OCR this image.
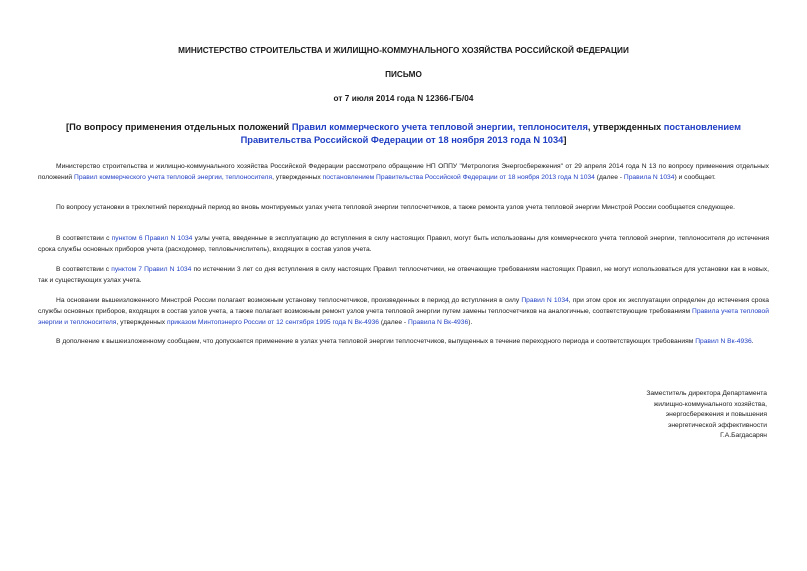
МИНИСТЕРСТВО СТРОИТЕЛЬСТВА И ЖИЛИЩНО-КОММУНАЛЬНОГО ХОЗЯЙСТВА РОССИЙСКОЙ ФЕДЕРАЦИИ
ПИСЬМО
от 7 июля 2014 года N 12366-ГБ/04
[По вопросу применения отдельных положений Правил коммерческого учета тепловой энергии, теплоносителя, утвержденных постановлением Правительства Российской Федерации от 18 ноября 2013 года N 1034]

Министерство строительства и жилищно-коммунального хозяйства Российской Федерации рассмотрело обращение НП ОППУ "Метрология Энергосбережения" от 29 апреля 2014 года N 13 по вопросу применения отдельных положений Правил коммерческого учета тепловой энергии, теплоносителя, утвержденных постановлением Правительства Российской Федерации от 18 ноября 2013 года N 1034 (далее - Правила N 1034) и сообщает.

По вопросу установки в трехлетний переходный период во вновь монтируемых узлах учета тепловой энергии теплосчетчиков, а также ремонта узлов учета тепловой энергии Минстрой России сообщается следующее.

В соответствии с пунктом 6 Правил N 1034 узлы учета, введенные в эксплуатацию до вступления в силу настоящих Правил, могут быть использованы для коммерческого учета тепловой энергии, теплоносителя до истечения срока службы основных приборов учета (расходомер, тепловычислитель), входящих в состав узлов учета.

В соответствии с пунктом 7 Правил N 1034 по истечении 3 лет со дня вступления в силу настоящих Правил теплосчетчики, не отвечающие требованиям настоящих Правил, не могут использоваться для установки как в новых, так и существующих узлах учета.

На основании вышеизложенного Минстрой России полагает возможным установку теплосчетчиков, произведенных в период до вступления в силу Правил N 1034, при этом срок их эксплуатации определен до истечения срока службы основных приборов, входящих в состав узлов учета, а также полагает возможным ремонт узлов учета тепловой энергии путем замены теплосчетчиков на аналогичные, соответствующие требованиям Правила учета тепловой энергии и теплоносителя, утвержденных приказом Минтопэнерго России от 12 сентября 1995 года N Вк-4936 (далее - Правила N Вк-4936).

В дополнение к вышеизложенному сообщаем, что допускается применение в узлах учета тепловой энергии теплосчетчиков, выпущенных в течение переходного периода и соответствующих требованиям Правил N Вк-4936.

Заместитель директора Департамента
жилищно-коммунального хозяйства,
энергосбережения и повышения
энергетической эффективности
Г.А.Багдасарян
